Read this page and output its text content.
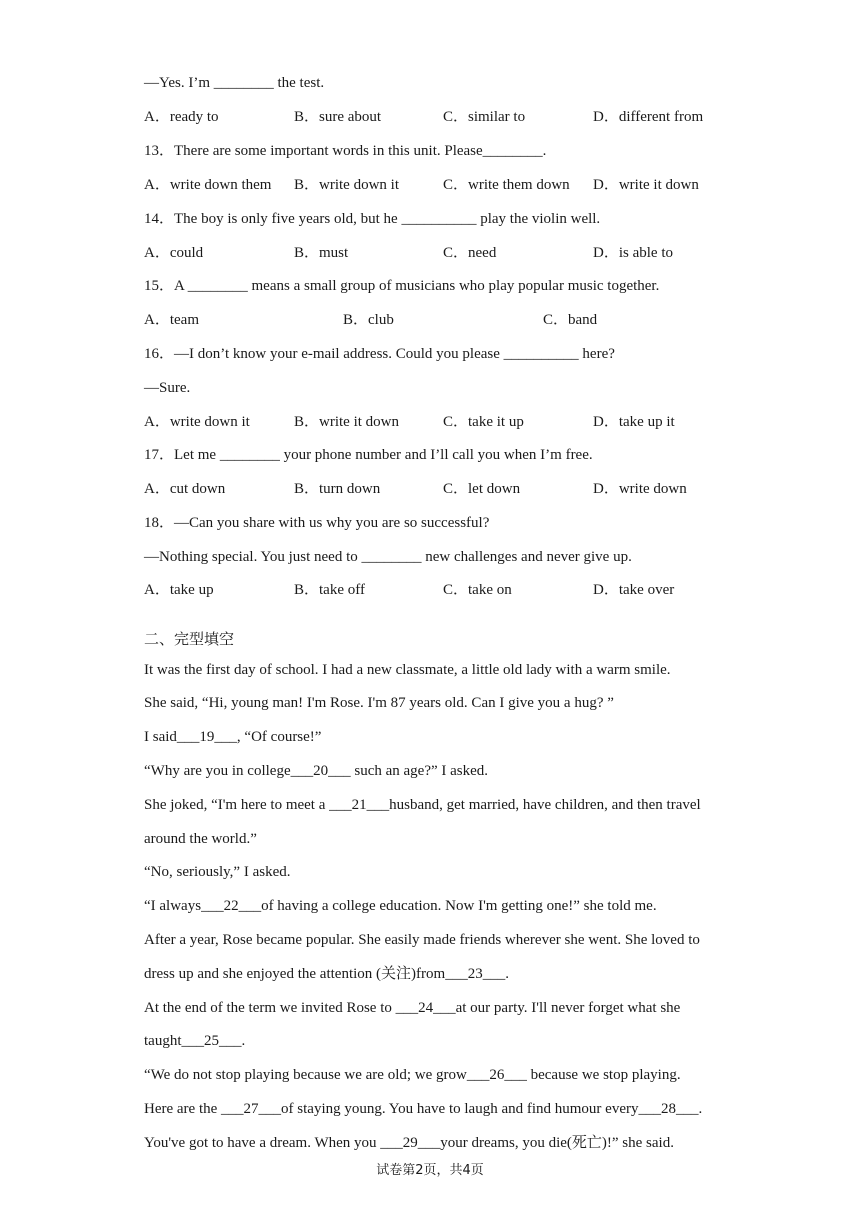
—Yes. I’m ________ the test.
A．ready to	B．sure about	C．similar to	D．different from
13．There are some important words in this unit. Please________.
A．write down them B．write down it	C．write them down D．write it down
14．The boy is only five years old, but he __________ play the violin well.
A．could	B．must	C．need	D．is able to
15．A ________ means a small group of musicians who play popular music together.
A．team	B．club	C．band
16．—I don’t know your e-mail address. Could you please __________ here?
—Sure.
A．write down it	B．write it down	C．take it up	D．take up it
17．Let me ________ your phone number and I’ll call you when I’m free.
A．cut down	B．turn down	C．let down	D．write down
18．—Can you share with us why you are so successful?
—Nothing special. You just need to ________ new challenges and never give up.
A．take up	B．take off	C．take on	D．take over
二、完型填空
It was the first day of school. I had a new classmate, a little old lady with a warm smile.
She said, “Hi, young man! I'm Rose. I'm 87 years old. Can I give you a hug? ”
I said___19___, “Of course!”
“Why are you in college___20___ such an age?” I asked.
She joked, “I'm here to meet a ___21___husband, get married, have children, and then travel
around the world.”
“No, seriously,” I asked.
“I always___22___of having a college education. Now I'm getting one!” she told me.
After a year, Rose became popular. She easily made friends wherever she went. She loved to
dress up and she enjoyed the attention (关注)from___23___.
At the end of the term we invited Rose to ___24___at our party. I'll never forget what she
taught___25___.
“We do not stop playing because we are old; we grow___26___ because we stop playing.
Here are the ___27___of staying young. You have to laugh and find humour every___28___.
You've got to have a dream. When you ___29___your dreams, you die(死亡)!” she said.
试卷第2页，共4页
